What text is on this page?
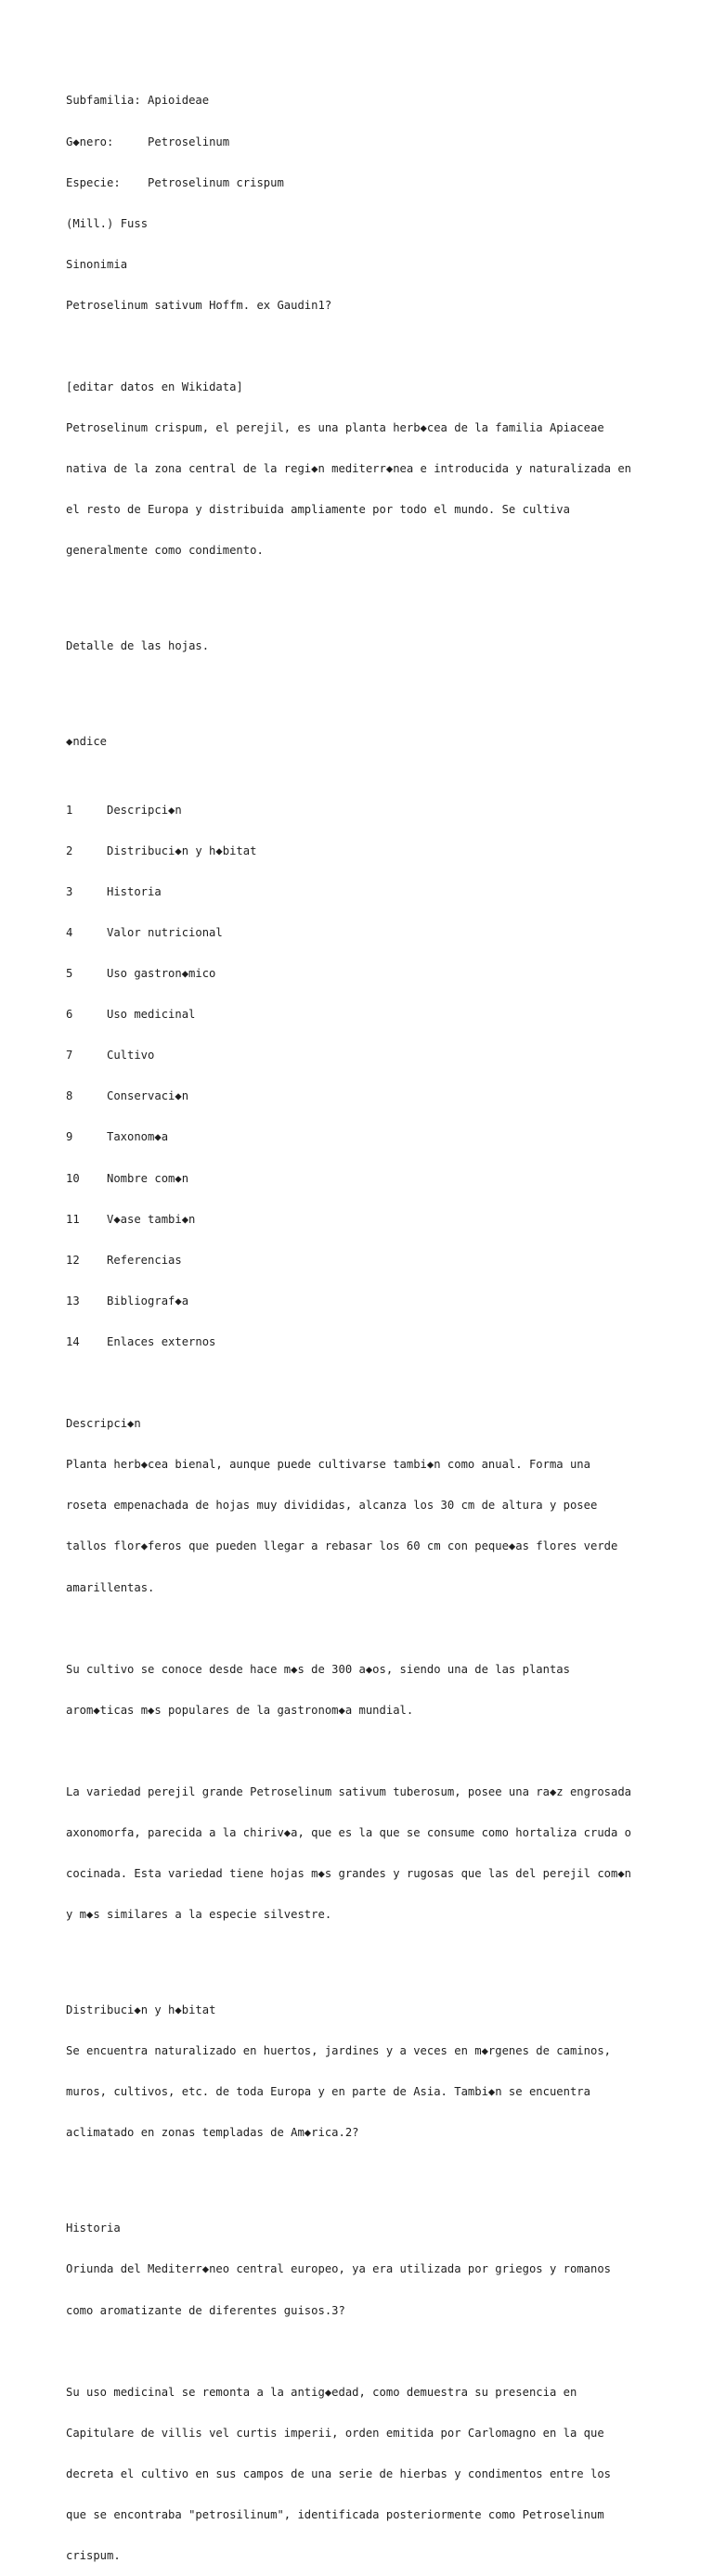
Subfamilia: Apioideae

G◆nero:     Petroselinum

Especie:    Petroselinum crispum

(Mill.) Fuss

Sinonimia

Petroselinum sativum Hoffm. ex Gaudin1?

[editar datos en Wikidata]

Petroselinum crispum, el perejil, es una planta herb◆cea de la familia Apiaceae

nativa de la zona central de la regi◆n mediterr◆nea e introducida y naturalizada en

el resto de Europa y distribuida ampliamente por todo el mundo. Se cultiva

generalmente como condimento.

Detalle de las hojas.

◆ndice

1	Descripci◆n

2	Distribuci◆n y h◆bitat

3	Historia

4	Valor nutricional

5	Uso gastron◆mico

6	Uso medicinal

7	Cultivo

8	Conservaci◆n

9	Taxonom◆a

10 Nombre com◆n

11 V◆ase tambi◆n

12 Referencias

13 Bibliograf◆a

14 Enlaces externos

Descripci◆n

Planta herb◆cea bienal, aunque puede cultivarse tambi◆n como anual. Forma una

roseta empenachada de hojas muy divididas, alcanza los 30 cm de altura y posee

tallos flor◆feros que pueden llegar a rebasar los 60 cm con peque◆as flores verde

amarillentas.

Su cultivo se conoce desde hace m◆s de 300 a◆os, siendo una de las plantas

arom◆ticas m◆s populares de la gastronom◆a mundial.

La variedad perejil grande Petroselinum sativum tuberosum, posee una ra◆z engrosada

axonomorfa, parecida a la chiriv◆a, que es la que se consume como hortaliza cruda o

cocinada. Esta variedad tiene hojas m◆s grandes y rugosas que las del perejil com◆n

y m◆s similares a la especie silvestre.

Distribuci◆n y h◆bitat

Se encuentra naturalizado en huertos, jardines y a veces en m◆rgenes de caminos,

muros, cultivos, etc. de toda Europa y en parte de Asia. Tambi◆n se encuentra

aclimatado en zonas templadas de Am◆rica.2?

Historia

Oriunda del Mediterr◆neo central europeo, ya era utilizada por griegos y romanos

como aromatizante de diferentes guisos.3?

Su uso medicinal se remonta a la antig◆edad, como demuestra su presencia en

Capitulare de villis vel curtis imperii, orden emitida por Carlomagno en la que

decreta el cultivo en sus campos de una serie de hierbas y condimentos entre los

que se encontraba "petrosilinum", identificada posteriormente como Petroselinum

crispum.
